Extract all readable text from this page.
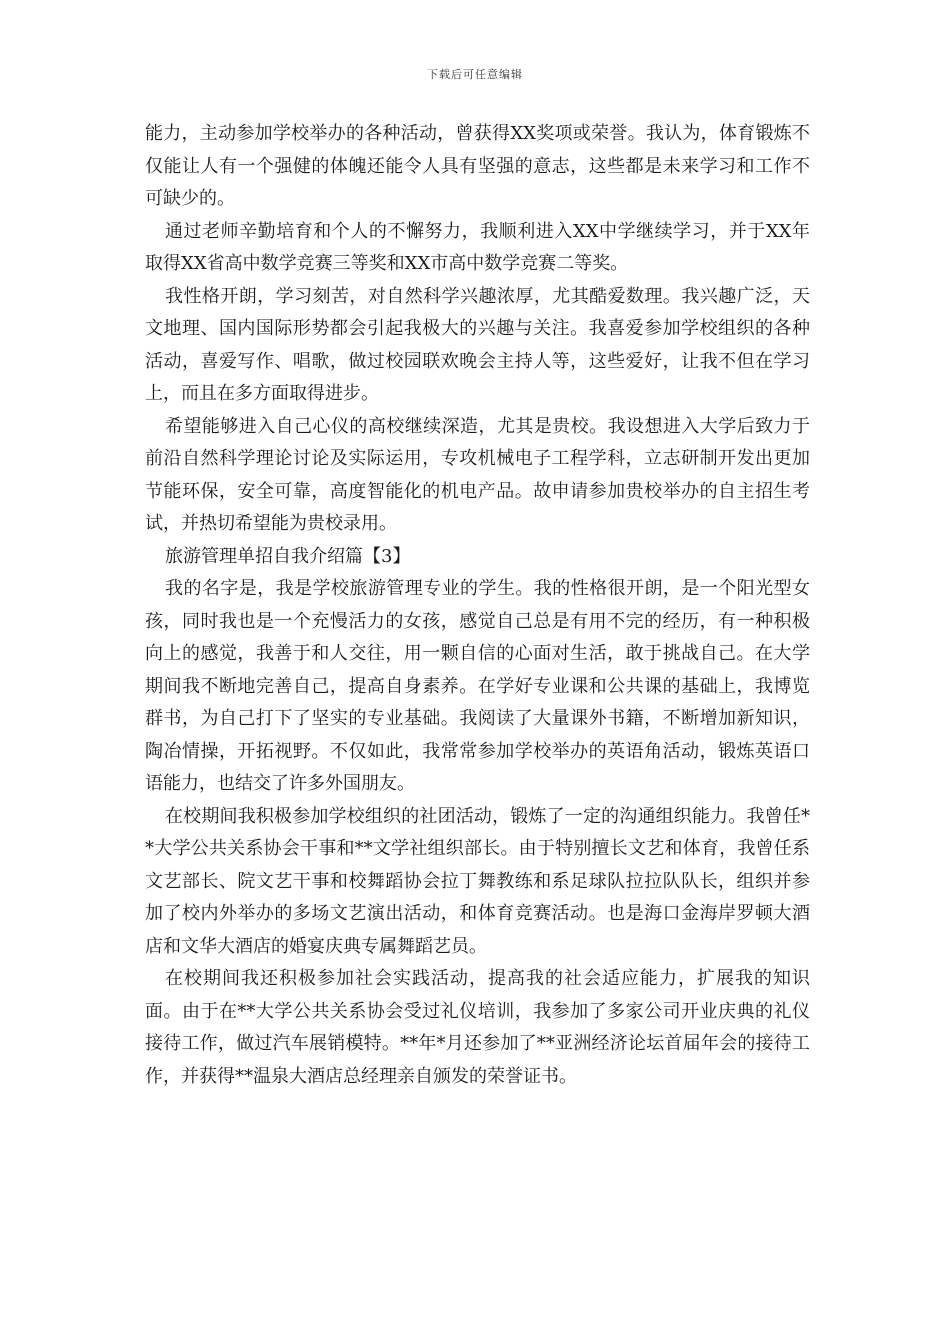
下载后可任意编辑

能力，主动参加学校举办的各种活动，曾获得XX奖项或荣誉。我认为，体育锻炼不仅能让人有一个强健的体魄还能令人具有坚强的意志，这些都是未来学习和工作不可缺少的。

通过老师辛勤培育和个人的不懈努力，我顺利进入XX中学继续学习，并于XX年取得XX省高中数学竞赛三等奖和XX市高中数学竞赛二等奖。

我性格开朗，学习刻苦，对自然科学兴趣浓厚，尤其酷爱数理。我兴趣广泛，天文地理、国内国际形势都会引起我极大的兴趣与关注。我喜爱参加学校组织的各种活动，喜爱写作、唱歌，做过校园联欢晚会主持人等，这些爱好，让我不但在学习上，而且在多方面取得进步。

希望能够进入自己心仪的高校继续深造，尤其是贵校。我设想进入大学后致力于前沿自然科学理论讨论及实际运用，专攻机械电子工程学科，立志研制开发出更加节能环保，安全可靠，高度智能化的机电产品。故申请参加贵校举办的自主招生考试，并热切希望能为贵校录用。

旅游管理单招自我介绍篇【3】

我的名字是，我是学校旅游管理专业的学生。我的性格很开朗，是一个阳光型女孩，同时我也是一个充慢活力的女孩，感觉自己总是有用不完的经历，有一种积极向上的感觉，我善于和人交往，用一颗自信的心面对生活，敢于挑战自己。在大学期间我不断地完善自己，提高自身素养。在学好专业课和公共课的基础上，我博览群书，为自己打下了坚实的专业基础。我阅读了大量课外书籍，不断增加新知识，陶冶情操，开拓视野。不仅如此，我常常参加学校举办的英语角活动，锻炼英语口语能力，也结交了许多外国朋友。

在校期间我积极参加学校组织的社团活动，锻炼了一定的沟通组织能力。我曾任**大学公共关系协会干事和**文学社组织部长。由于特别擅长文艺和体育，我曾任系文艺部长、院文艺干事和校舞蹈协会拉丁舞教练和系足球队拉拉队队长，组织并参加了校内外举办的多场文艺演出活动，和体育竞赛活动。也是海口金海岸罗顿大酒店和文华大酒店的婚宴庆典专属舞蹈艺员。

在校期间我还积极参加社会实践活动，提高我的社会适应能力，扩展我的知识面。由于在**大学公共关系协会受过礼仪培训，我参加了多家公司开业庆典的礼仪接待工作，做过汽车展销模特。**年*月还参加了**亚洲经济论坛首届年会的接待工作，并获得**温泉大酒店总经理亲自颁发的荣誉证书。
